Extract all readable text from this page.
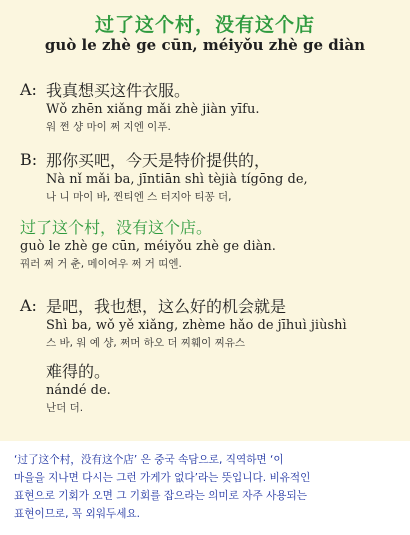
过了这个村，没有这个店
guò le zhè ge cūn, méiyǒu zhè ge diàn
A: 我真想买这件衣服。
Wǒ zhēn xiǎng mǎi zhè jiàn yīfu.
워 쩐 샹 마이 쩌 지엔 이푸.
B: 那你买吧，今天是特价提供的，
Nà nǐ mǎi ba, jīntiān shì tèjià tígōng de,
나 니 마이 바, 찐티엔 스 터지아 티꽁 더,
过了这个村，没有这个店。
guò le zhè ge cūn, méiyǒu zhè ge diàn.
꿔러 쩌 거 춘, 메이여우 쩌 거 띠엔.
A: 是吧，我也想，这么好的机会就是
Shì ba, wǒ yě xiǎng, zhème hǎo de jīhuì jiùshì
스 바, 워 예 샹, 쩌머 하오 더 찌훼이 찌유스
难得的。
nándé de.
난더 더.
‘过了这个村，没有这个店’ 은 중국 속담으로, 직역하면 ‘이
마을을 지나면 다시는 그런 가게가 없다’라는 뜻입니다. 비유적인
표현으로 기회가 오면 그 기회를 잡으라는 의미로 자주 사용되는
표현이므로, 꼭 외워두세요.
